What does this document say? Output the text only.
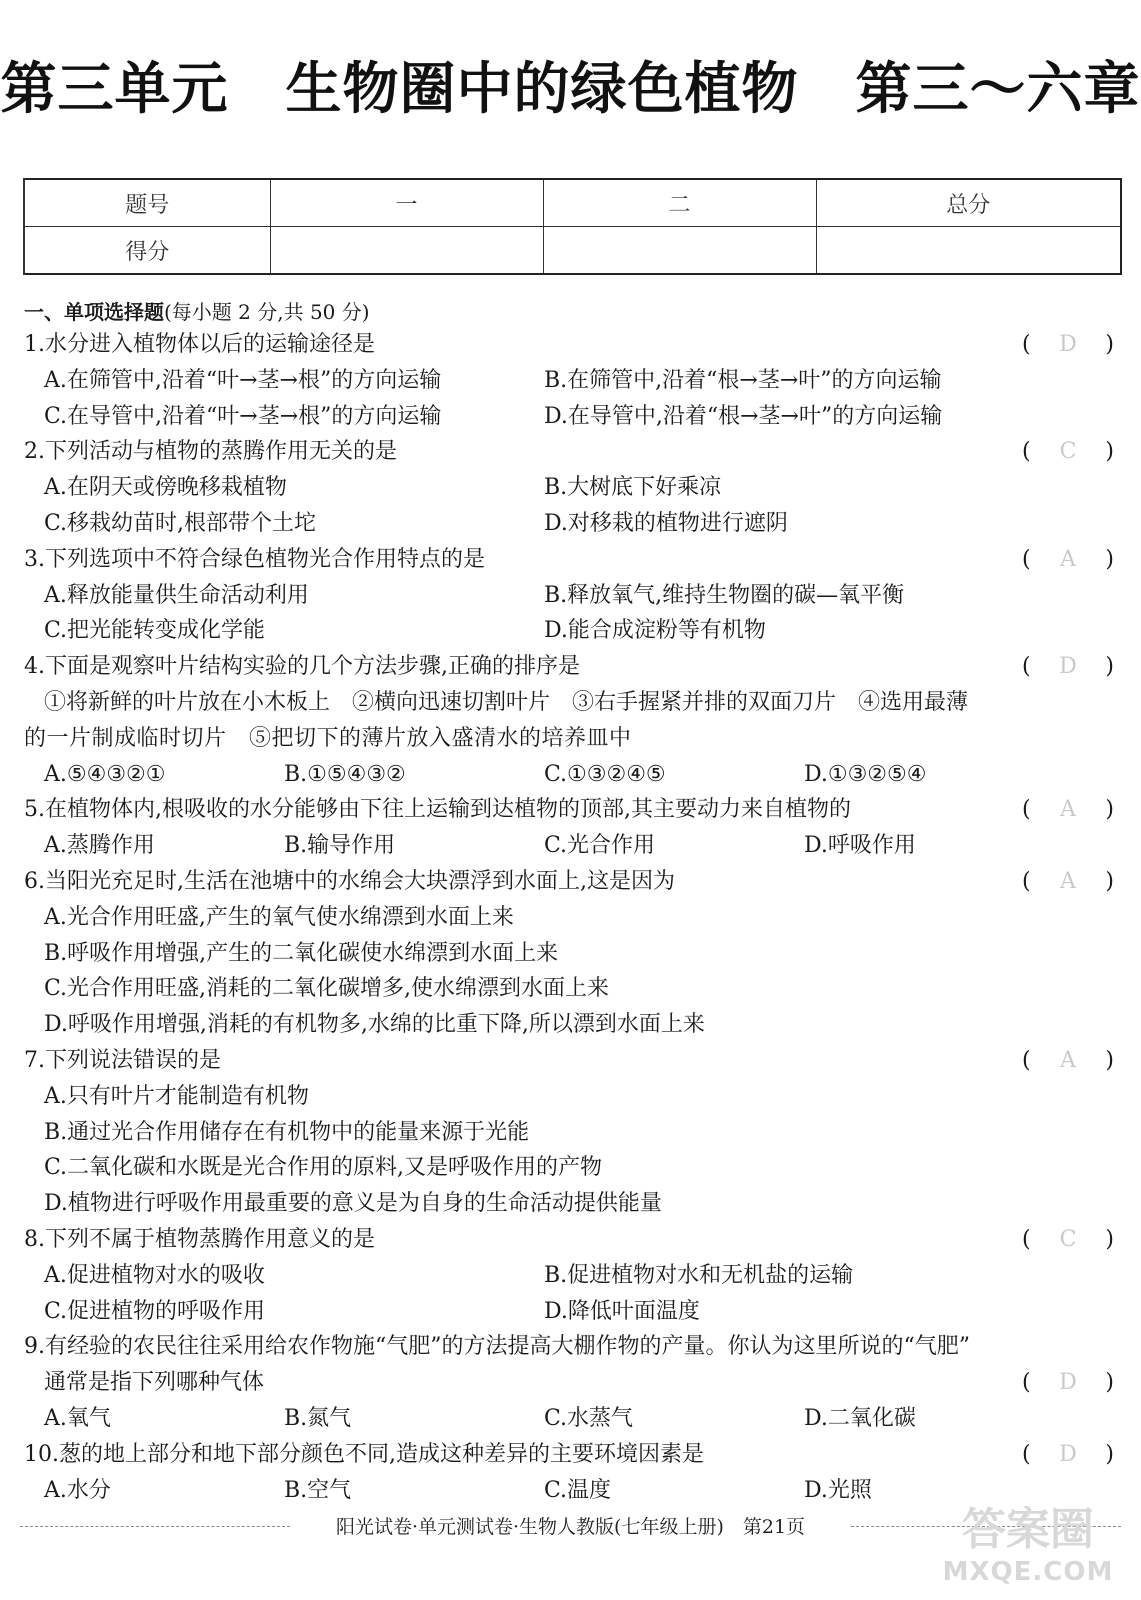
第三单元　生物圈中的绿色植物　第三～六章
题号	一	二	总分
得分			
一、单项选择题(每小题 2 分,共 50 分)
1.水分进入植物体以后的运输途径是	(	D	)
A.在筛管中,沿着“叶→茎→根”的方向运输	B.在筛管中,沿着“根→茎→叶”的方向运输
C.在导管中,沿着“叶→茎→根”的方向运输	D.在导管中,沿着“根→茎→叶”的方向运输
2.下列活动与植物的蒸腾作用无关的是	(	C	)
A.在阴天或傍晚移栽植物	B.大树底下好乘凉
C.移栽幼苗时,根部带个土坨	D.对移栽的植物进行遮阴
3.下列选项中不符合绿色植物光合作用特点的是	(	A	)
A.释放能量供生命活动利用	B.释放氧气,维持生物圈的碳—氧平衡
C.把光能转变成化学能	D.能合成淀粉等有机物
4.下面是观察叶片结构实验的几个方法步骤,正确的排序是	(	D	)
①将新鲜的叶片放在小木板上　②横向迅速切割叶片　③右手握紧并排的双面刀片　④选用最薄
的一片制成临时切片　⑤把切下的薄片放入盛清水的培养皿中
A.⑤④③②①	B.①⑤④③②	C.①③②④⑤	D.①③②⑤④
5.在植物体内,根吸收的水分能够由下往上运输到达植物的顶部,其主要动力来自植物的	(	A	)
A.蒸腾作用	B.输导作用	C.光合作用	D.呼吸作用
6.当阳光充足时,生活在池塘中的水绵会大块漂浮到水面上,这是因为	(	A	)
A.光合作用旺盛,产生的氧气使水绵漂到水面上来
B.呼吸作用增强,产生的二氧化碳使水绵漂到水面上来
C.光合作用旺盛,消耗的二氧化碳增多,使水绵漂到水面上来
D.呼吸作用增强,消耗的有机物多,水绵的比重下降,所以漂到水面上来
7.下列说法错误的是	(	A	)
A.只有叶片才能制造有机物
B.通过光合作用储存在有机物中的能量来源于光能
C.二氧化碳和水既是光合作用的原料,又是呼吸作用的产物
D.植物进行呼吸作用最重要的意义是为自身的生命活动提供能量
8.下列不属于植物蒸腾作用意义的是	(	C	)
A.促进植物对水的吸收	B.促进植物对水和无机盐的运输
C.促进植物的呼吸作用	D.降低叶面温度
9.有经验的农民往往采用给农作物施“气肥”的方法提高大棚作物的产量。你认为这里所说的“气肥”
通常是指下列哪种气体	(	D	)
A.氧气	B.氮气	C.水蒸气	D.二氧化碳
10.葱的地上部分和地下部分颜色不同,造成这种差异的主要环境因素是	(	D	)
A.水分	B.空气	C.温度	D.光照
阳光试卷·单元测试卷·生物人教版(七年级上册)　第21页	答案圈
MXQE.COM
